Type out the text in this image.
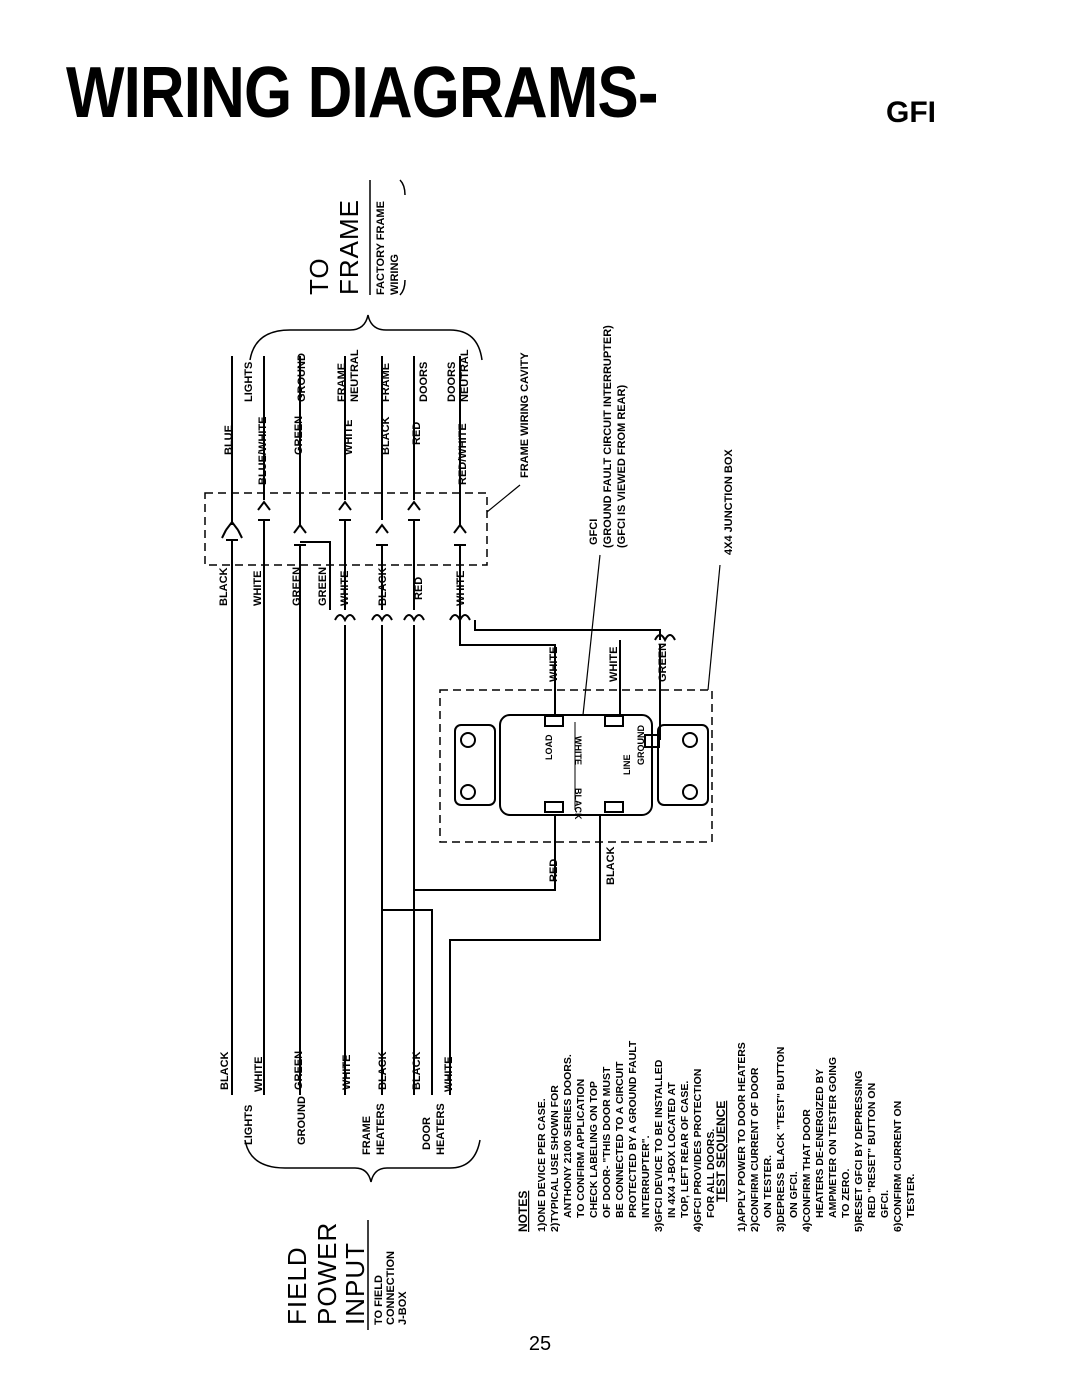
WIRING DIAGRAMS-	GFI
TO FRAME FACTORY FRAME WIRING
FIELD POWER
INPUT TO FIELD CONNECTION J-BOX
BLUE BLUE/WHITE GREEN	WHITE BLACK RED	RED/WHITE
LIGHTS	GROUND	FRAME NEUTRAL FRAME DOORS DOORS NEUTRAL
BLACK WHITE GREEN GREEN WHITE BLACK RED	WHITE
BLACK WHITE	GREEN	WHITE BLACK BLACK WHITE
LIGHTS	GROUND	FRAME HEATERS	DOOR HEATERS
FRAME WIRING CAVITY
GFCI (GROUND FAULT CIRCUIT INTERRUPTER) (GFCI IS VIEWED FROM REAR)	4X4 JUNCTION BOX
WHITE	WHITE	GREEN
RED	BLACK
WHITE
LOAD
LINE GROUND
BLACK
NOTES 1)ONE DEVICE PER CASE. 2)TYPICAL USE SHOWN FOR ANTHONY 2100 SERIES DOORS. TO CONFIRM APPLICATION CHECK LABELING ON TOP OF DOOR- "THIS DOOR MUST BE CONNECTED TO A CIRCUIT PROTECTED BY A GROUND FAULT INTERRUPTER". 3)GFCI DEVICE TO BE INSTALLED IN 4X4 J-BOX LOCATED AT TOP, LEFT REAR OF CASE. 4)GFCI PROVIDES PROTECTION FOR ALL DOORS.
TEST SEQUENCE 1)APPLY POWER TO DOOR HEATERS 2)CONFIRM CURRENT OF DOOR ON TESTER. 3)DEPRESS BLACK "TEST" BUTTON ON GFCI. 4)CONFIRM THAT DOOR HEATERS DE-ENERGIZED BY AMPMETER ON TESTER GOING TO ZERO. 5)RESET GFCI BY DEPRESSING RED "RESET" BUTTON ON GFCI. 6)CONFIRM CURRENT ON TESTER.
25
